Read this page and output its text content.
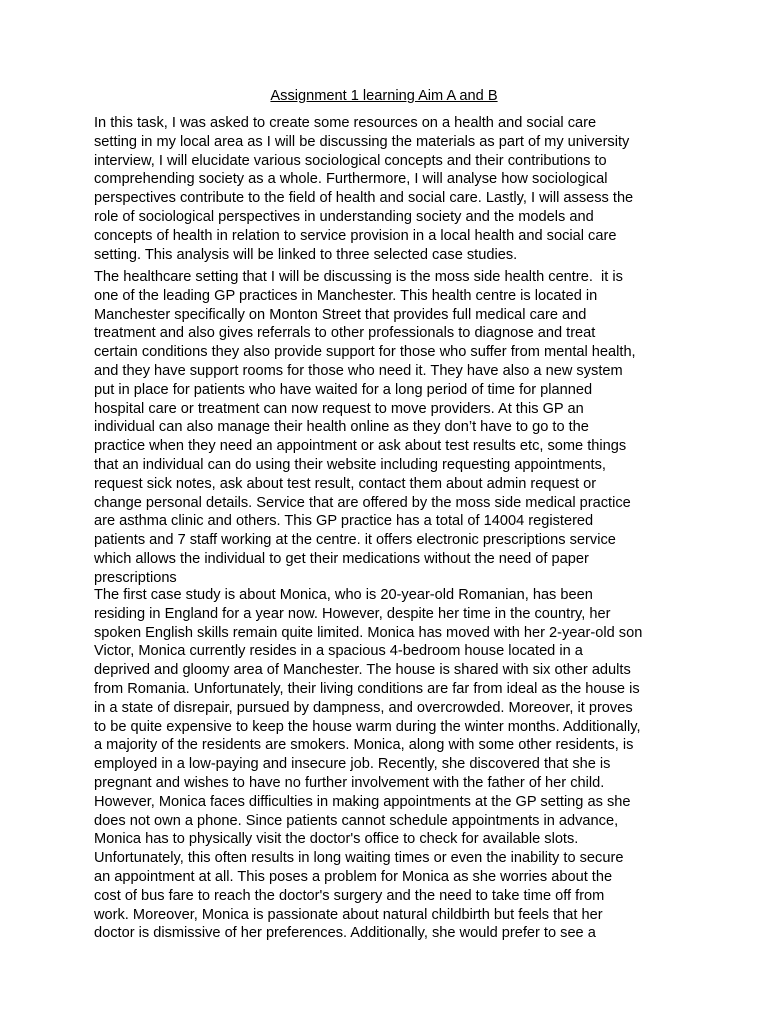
Assignment 1 learning Aim A and B
In this task, I was asked to create some resources on a health and social care
setting in my local area as I will be discussing the materials as part of my university
interview, I will elucidate various sociological concepts and their contributions to
comprehending society as a whole. Furthermore, I will analyse how sociological
perspectives contribute to the field of health and social care. Lastly, I will assess the
role of sociological perspectives in understanding society and the models and
concepts of health in relation to service provision in a local health and social care
setting. This analysis will be linked to three selected case studies.
The healthcare setting that I will be discussing is the moss side health centre.  it is
one of the leading GP practices in Manchester. This health centre is located in
Manchester specifically on Monton Street that provides full medical care and
treatment and also gives referrals to other professionals to diagnose and treat
certain conditions they also provide support for those who suffer from mental health,
and they have support rooms for those who need it. They have also a new system
put in place for patients who have waited for a long period of time for planned
hospital care or treatment can now request to move providers. At this GP an
individual can also manage their health online as they don’t have to go to the
practice when they need an appointment or ask about test results etc, some things
that an individual can do using their website including requesting appointments,
request sick notes, ask about test result, contact them about admin request or
change personal details. Service that are offered by the moss side medical practice
are asthma clinic and others. This GP practice has a total of 14004 registered
patients and 7 staff working at the centre. it offers electronic prescriptions service
which allows the individual to get their medications without the need of paper
prescriptions
The first case study is about Monica, who is 20-year-old Romanian, has been
residing in England for a year now. However, despite her time in the country, her
spoken English skills remain quite limited. Monica has moved with her 2-year-old son
Victor, Monica currently resides in a spacious 4-bedroom house located in a
deprived and gloomy area of Manchester. The house is shared with six other adults
from Romania. Unfortunately, their living conditions are far from ideal as the house is
in a state of disrepair, pursued by dampness, and overcrowded. Moreover, it proves
to be quite expensive to keep the house warm during the winter months. Additionally,
a majority of the residents are smokers. Monica, along with some other residents, is
employed in a low-paying and insecure job. Recently, she discovered that she is
pregnant and wishes to have no further involvement with the father of her child.
However, Monica faces difficulties in making appointments at the GP setting as she
does not own a phone. Since patients cannot schedule appointments in advance,
Monica has to physically visit the doctor's office to check for available slots.
Unfortunately, this often results in long waiting times or even the inability to secure
an appointment at all. This poses a problem for Monica as she worries about the
cost of bus fare to reach the doctor's surgery and the need to take time off from
work. Moreover, Monica is passionate about natural childbirth but feels that her
doctor is dismissive of her preferences. Additionally, she would prefer to see a
